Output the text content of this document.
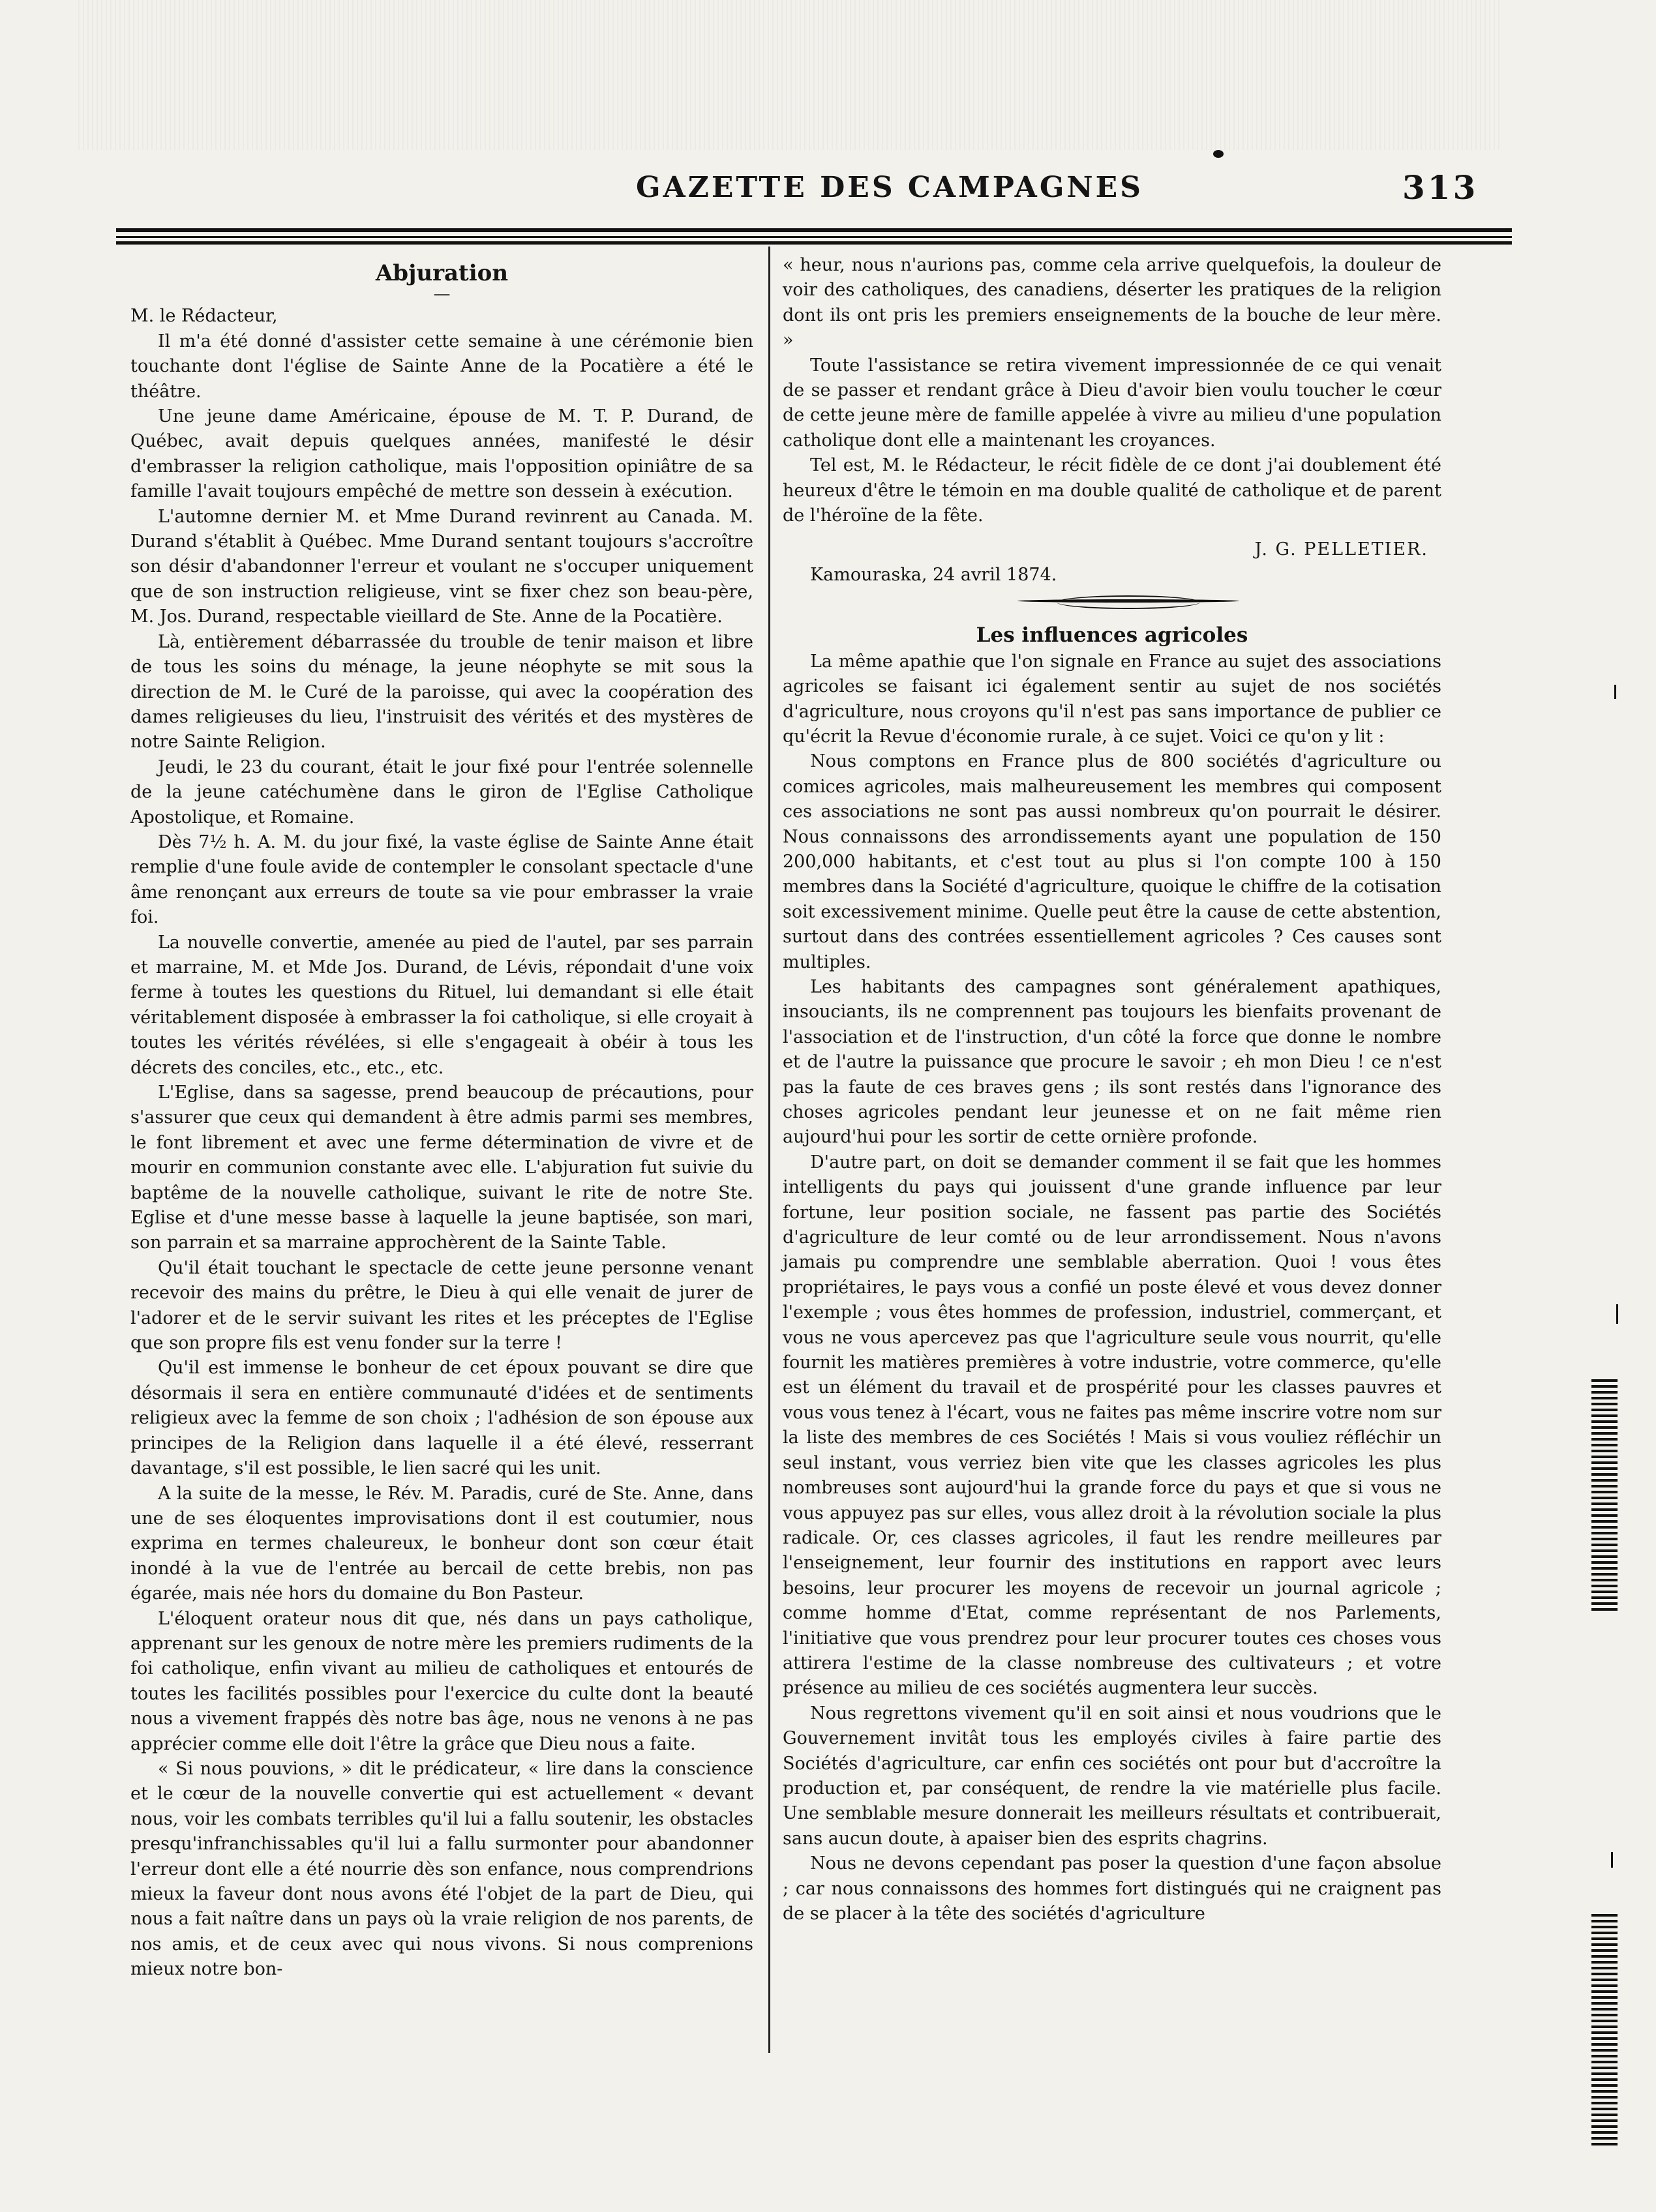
GAZETTE DES CAMPAGNES	313
Abjuration
—

M. le Rédacteur,

Il m'a été donné d'assister cette semaine à une cérémonie bien touchante dont l'église de Sainte Anne de la Pocatière a été le théâtre.

Une jeune dame Américaine, épouse de M. T. P. Durand, de Québec, avait depuis quelques années, manifesté le désir d'embrasser la religion catholique, mais l'opposition opiniâtre de sa famille l'avait toujours empêché de mettre son dessein à exécution.

L'automne dernier M. et Mme Durand revinrent au Canada. M. Durand s'établit à Québec. Mme Durand sentant toujours s'accroître son désir d'abandonner l'erreur et voulant ne s'occuper uniquement que de son instruction religieuse, vint se fixer chez son beau-père, M. Jos. Durand, respectable vieillard de Ste. Anne de la Pocatière.

Là, entièrement débarrassée du trouble de tenir maison et libre de tous les soins du ménage, la jeune néophyte se mit sous la direction de M. le Curé de la paroisse, qui avec la coopération des dames religieuses du lieu, l'instruisit des vérités et des mystères de notre Sainte Religion.

Jeudi, le 23 du courant, était le jour fixé pour l'entrée solennelle de la jeune catéchumène dans le giron de l'Eglise Catholique Apostolique, et Romaine.

Dès 7½ h. A. M. du jour fixé, la vaste église de Sainte Anne était remplie d'une foule avide de contempler le consolant spectacle d'une âme renonçant aux erreurs de toute sa vie pour embrasser la vraie foi.

La nouvelle convertie, amenée au pied de l'autel, par ses parrain et marraine, M. et Mde Jos. Durand, de Lévis, répondait d'une voix ferme à toutes les questions du Rituel, lui demandant si elle était véritablement disposée à embrasser la foi catholique, si elle croyait à toutes les vérités révélées, si elle s'engageait à obéir à tous les décrets des conciles, etc., etc., etc.

L'Eglise, dans sa sagesse, prend beaucoup de précautions, pour s'assurer que ceux qui demandent à être admis parmi ses membres, le font librement et avec une ferme détermination de vivre et de mourir en communion constante avec elle. L'abjuration fut suivie du baptême de la nouvelle catholique, suivant le rite de notre Ste. Eglise et d'une messe basse à laquelle la jeune baptisée, son mari, son parrain et sa marraine approchèrent de la Sainte Table.

Qu'il était touchant le spectacle de cette jeune personne venant recevoir des mains du prêtre, le Dieu à qui elle venait de jurer de l'adorer et de le servir suivant les rites et les préceptes de l'Eglise que son propre fils est venu fonder sur la terre !

Qu'il est immense le bonheur de cet époux pouvant se dire que désormais il sera en entière communauté d'idées et de sentiments religieux avec la femme de son choix ; l'adhésion de son épouse aux principes de la Religion dans laquelle il a été élevé, resserrant davantage, s'il est possible, le lien sacré qui les unit.

A la suite de la messe, le Rév. M. Paradis, curé de Ste. Anne, dans une de ses éloquentes improvisations dont il est coutumier, nous exprima en termes chaleureux, le bonheur dont son cœur était inondé à la vue de l'entrée au bercail de cette brebis, non pas égarée, mais née hors du domaine du Bon Pasteur.

L'éloquent orateur nous dit que, nés dans un pays catholique, apprenant sur les genoux de notre mère les premiers rudiments de la foi catholique, enfin vivant au milieu de catholiques et entourés de toutes les facilités possibles pour l'exercice du culte dont la beauté nous a vivement frappés dès notre bas âge, nous ne venons à ne pas apprécier comme elle doit l'être la grâce que Dieu nous a faite.

« Si nous pouvions, » dit le prédicateur, « lire dans la conscience et le cœur de la nouvelle convertie qui est actuellement « devant nous, voir les combats terribles qu'il lui a fallu soutenir, les obstacles presqu'infranchissables qu'il lui a fallu surmonter pour abandonner l'erreur dont elle a été nourrie dès son enfance, nous comprendrions mieux la faveur dont nous avons été l'objet de la part de Dieu, qui nous a fait naître dans un pays où la vraie religion de nos parents, de nos amis, et de ceux avec qui nous vivons. Si nous comprenions mieux notre bon-

« heur, nous n'aurions pas, comme cela arrive quelquefois, la douleur de voir des catholiques, des canadiens, déserter les pratiques de la religion dont ils ont pris les premiers enseignements de la bouche de leur mère. »

Toute l'assistance se retira vivement impressionnée de ce qui venait de se passer et rendant grâce à Dieu d'avoir bien voulu toucher le cœur de cette jeune mère de famille appelée à vivre au milieu d'une population catholique dont elle a maintenant les croyances.

Tel est, M. le Rédacteur, le récit fidèle de ce dont j'ai doublement été heureux d'être le témoin en ma double qualité de catholique et de parent de l'héroïne de la fête.

J. G. PELLETIER.

Kamouraska, 24 avril 1874.

Les influences agricoles

La même apathie que l'on signale en France au sujet des associations agricoles se faisant ici également sentir au sujet de nos sociétés d'agriculture, nous croyons qu'il n'est pas sans importance de publier ce qu'écrit la Revue d'économie rurale, à ce sujet. Voici ce qu'on y lit :

Nous comptons en France plus de 800 sociétés d'agriculture ou comices agricoles, mais malheureusement les membres qui composent ces associations ne sont pas aussi nombreux qu'on pourrait le désirer. Nous connaissons des arrondissements ayant une population de 150 200,000 habitants, et c'est tout au plus si l'on compte 100 à 150 membres dans la Société d'agriculture, quoique le chiffre de la cotisation soit excessivement minime. Quelle peut être la cause de cette abstention, surtout dans des contrées essentiellement agricoles ? Ces causes sont multiples.

Les habitants des campagnes sont généralement apathiques, insouciants, ils ne comprennent pas toujours les bienfaits provenant de l'association et de l'instruction, d'un côté la force que donne le nombre et de l'autre la puissance que procure le savoir ; eh mon Dieu ! ce n'est pas la faute de ces braves gens ; ils sont restés dans l'ignorance des choses agricoles pendant leur jeunesse et on ne fait même rien aujourd'hui pour les sortir de cette ornière profonde.

D'autre part, on doit se demander comment il se fait que les hommes intelligents du pays qui jouissent d'une grande influence par leur fortune, leur position sociale, ne fassent pas partie des Sociétés d'agriculture de leur comté ou de leur arrondissement. Nous n'avons jamais pu comprendre une semblable aberration. Quoi ! vous êtes propriétaires, le pays vous a confié un poste élevé et vous devez donner l'exemple ; vous êtes hommes de profession, industriel, commerçant, et vous ne vous apercevez pas que l'agriculture seule vous nourrit, qu'elle fournit les matières premières à votre industrie, votre commerce, qu'elle est un élément du travail et de prospérité pour les classes pauvres et vous vous tenez à l'écart, vous ne faites pas même inscrire votre nom sur la liste des membres de ces Sociétés ! Mais si vous vouliez réfléchir un seul instant, vous verriez bien vite que les classes agricoles les plus nombreuses sont aujourd'hui la grande force du pays et que si vous ne vous appuyez pas sur elles, vous allez droit à la révolution sociale la plus radicale. Or, ces classes agricoles, il faut les rendre meilleures par l'enseignement, leur fournir des institutions en rapport avec leurs besoins, leur procurer les moyens de recevoir un journal agricole ; comme homme d'Etat, comme représentant de nos Parlements, l'initiative que vous prendrez pour leur procurer toutes ces choses vous attirera l'estime de la classe nombreuse des cultivateurs ; et votre présence au milieu de ces sociétés augmentera leur succès.

Nous regrettons vivement qu'il en soit ainsi et nous voudrions que le Gouvernement invitât tous les employés civiles à faire partie des Sociétés d'agriculture, car enfin ces sociétés ont pour but d'accroître la production et, par conséquent, de rendre la vie matérielle plus facile. Une semblable mesure donnerait les meilleurs résultats et contribuerait, sans aucun doute, à apaiser bien des esprits chagrins.

Nous ne devons cependant pas poser la question d'une façon absolue ; car nous connaissons des hommes fort distingués qui ne craignent pas de se placer à la tête des sociétés d'agriculture
